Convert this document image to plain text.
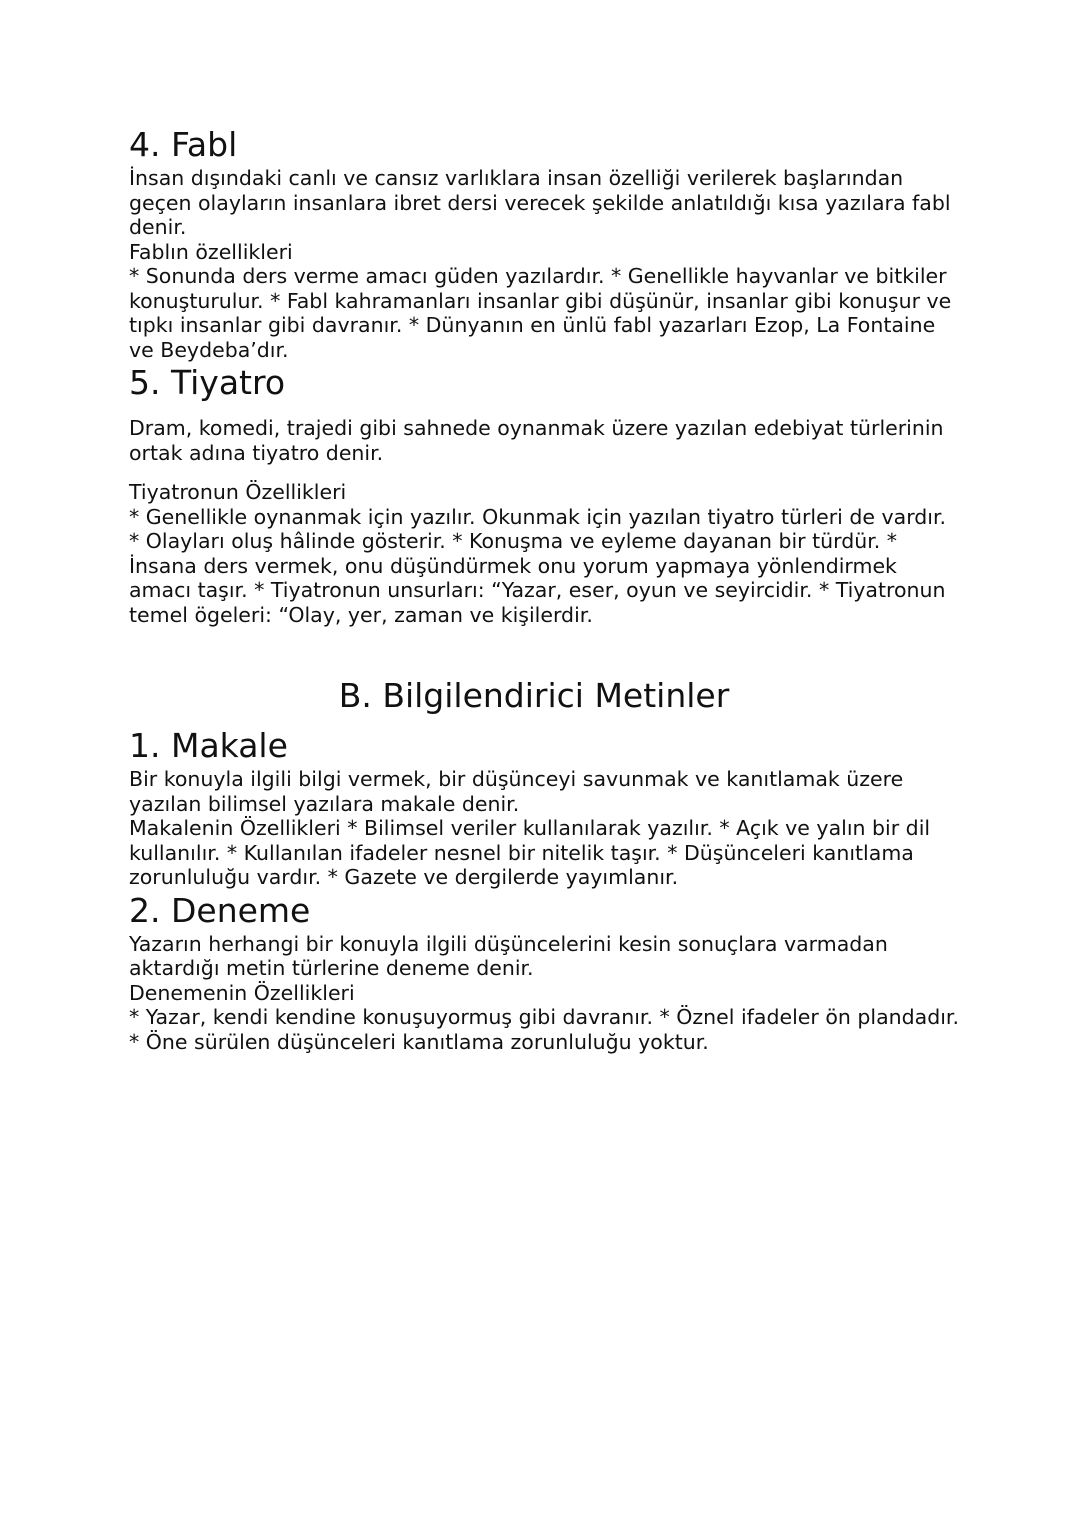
4. Fabl

İnsan dışındaki canlı ve cansız varlıklara insan özelliği verilerek başlarından geçen olayların insanlara ibret dersi verecek şekilde anlatıldığı kısa yazılara fabl denir.

Fablın özellikleri

* Sonunda ders verme amacı güden yazılardır. * Genellikle hayvanlar ve bitkiler konuşturulur. * Fabl kahramanları insanlar gibi düşünür, insanlar gibi konuşur ve tıpkı insanlar gibi davranır. * Dünyanın en ünlü fabl yazarları Ezop, La Fontaine ve Beydeba’dır.

5. Tiyatro

Dram, komedi, trajedi gibi sahnede oynanmak üzere yazılan edebiyat türlerinin ortak adına tiyatro denir.

Tiyatronun Özellikleri

* Genellikle oynanmak için yazılır. Okunmak için yazılan tiyatro türleri de vardır. * Olayları oluş hâlinde gösterir. * Konuşma ve eyleme dayanan bir türdür. * İnsana ders vermek, onu düşündürmek onu yorum yapmaya yönlendirmek amacı taşır. * Tiyatronun unsurları: “Yazar, eser, oyun ve seyircidir. * Tiyatronun temel ögeleri: “Olay, yer, zaman ve kişilerdir.

B. Bilgilendirici Metinler
1. Makale

Bir konuyla ilgili bilgi vermek, bir düşünceyi savunmak ve kanıtlamak üzere yazılan bilimsel yazılara makale denir.

Makalenin Özellikleri * Bilimsel veriler kullanılarak yazılır. * Açık ve yalın bir dil kullanılır. * Kullanılan ifadeler nesnel bir nitelik taşır. * Düşünceleri kanıtlama zorunluluğu vardır. * Gazete ve dergilerde yayımlanır.

2. Deneme

Yazarın herhangi bir konuyla ilgili düşüncelerini kesin sonuçlara varmadan aktardığı metin türlerine deneme denir.

Denemenin Özellikleri

* Yazar, kendi kendine konuşuyormuş gibi davranır. * Öznel ifadeler ön plandadır. * Öne sürülen düşünceleri kanıtlama zorunluluğu yoktur.
